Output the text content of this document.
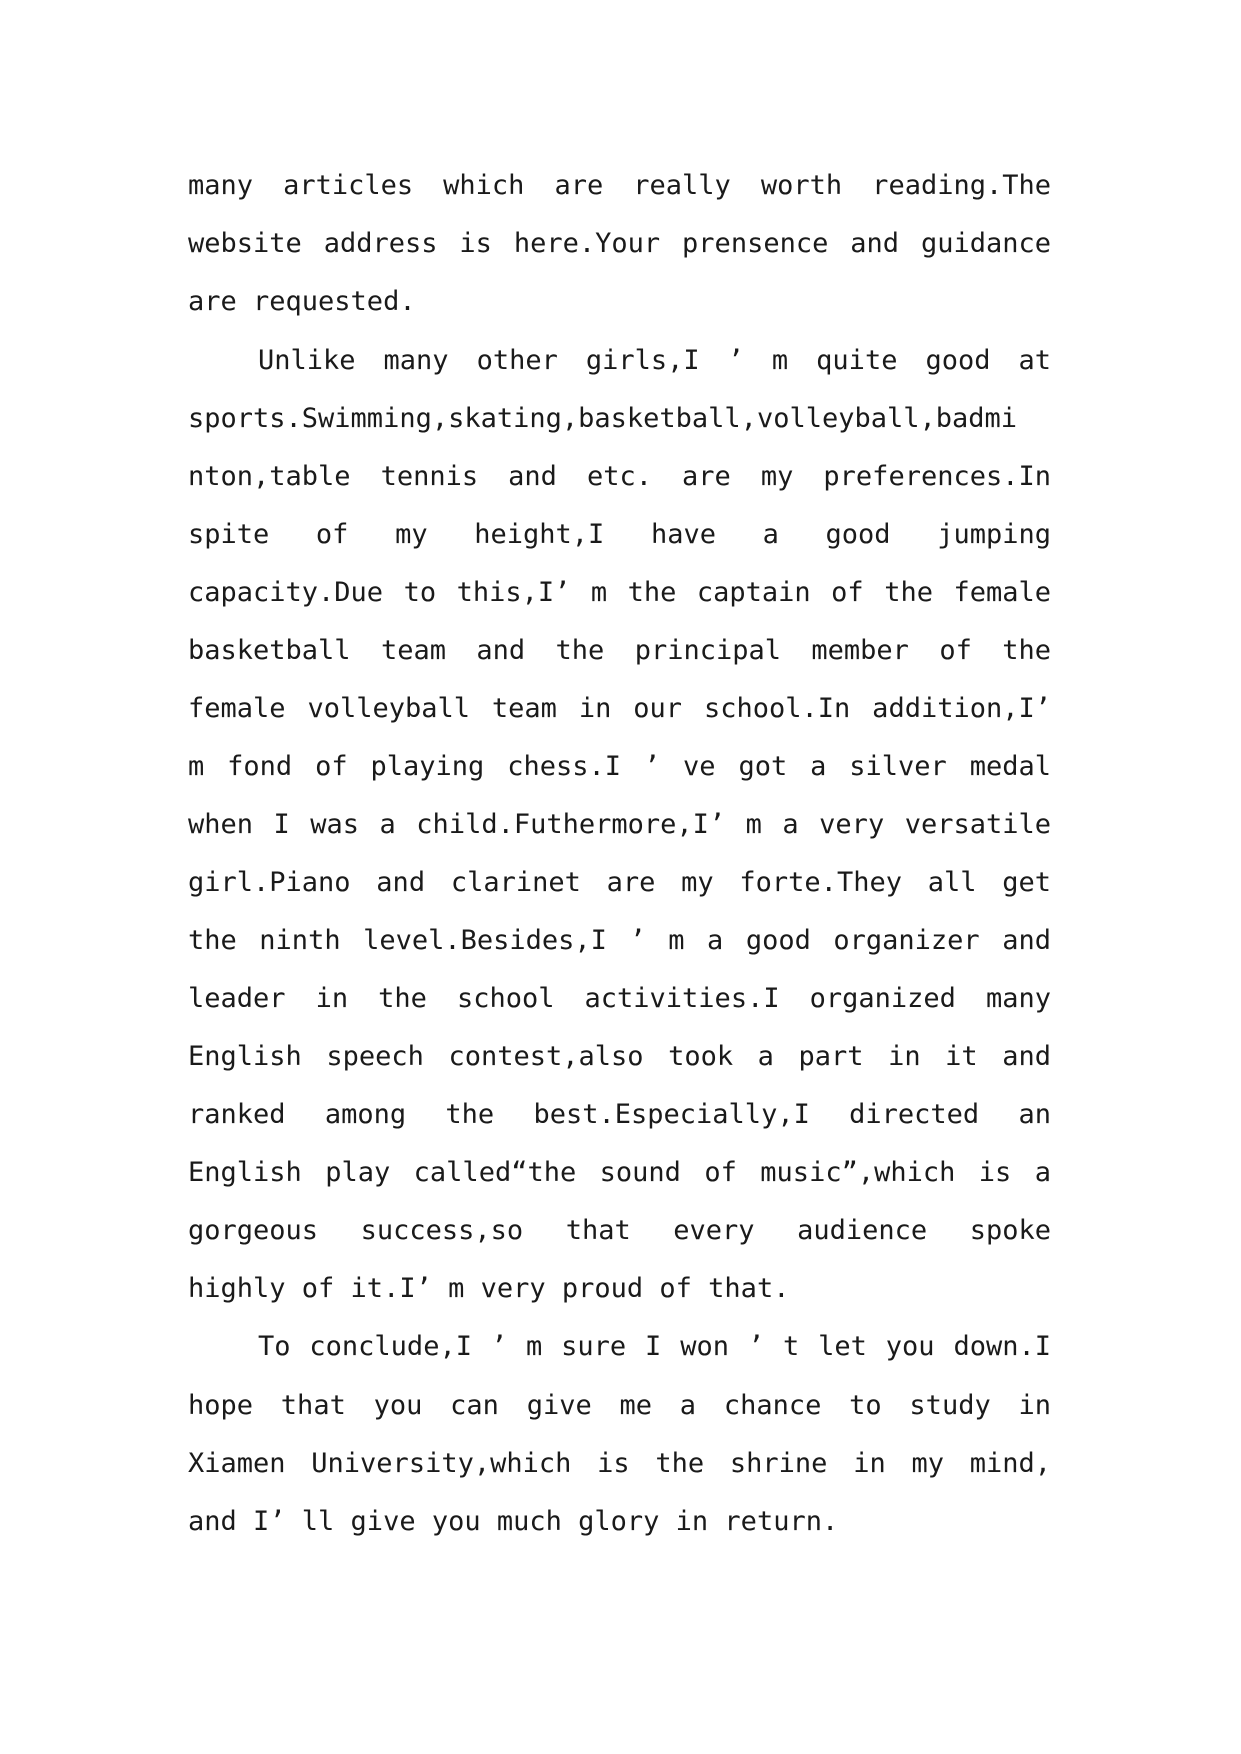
many articles which are really worth reading.The
website address is here.Your prensence and guidance
are requested.
Unlike many other girls,I ’ m quite good at
sports.Swimming,skating,basketball,volleyball,badmi
nton,table tennis and etc. are my preferences.In
spite of my height,I have a good jumping
capacity.Due to this,I’ m the captain of the female
basketball team and the principal member of the
female volleyball team in our school.In addition,I’
m fond of playing chess.I ’ ve got a silver medal
when I was a child.Futhermore,I’ m a very versatile
girl.Piano and clarinet are my forte.They all get
the ninth level.Besides,I ’ m a good organizer and
leader in the school activities.I organized many
English speech contest,also took a part in it and
ranked among the best.Especially,I directed an
English play called“the sound of music”,which is a
gorgeous success,so that every audience spoke
highly of it.I’ m very proud of that.
To conclude,I ’ m sure I won ’ t let you down.I
hope that you can give me a chance to study in
Xiamen University,which is the shrine in my mind,
and I’ ll give you much glory in return.
